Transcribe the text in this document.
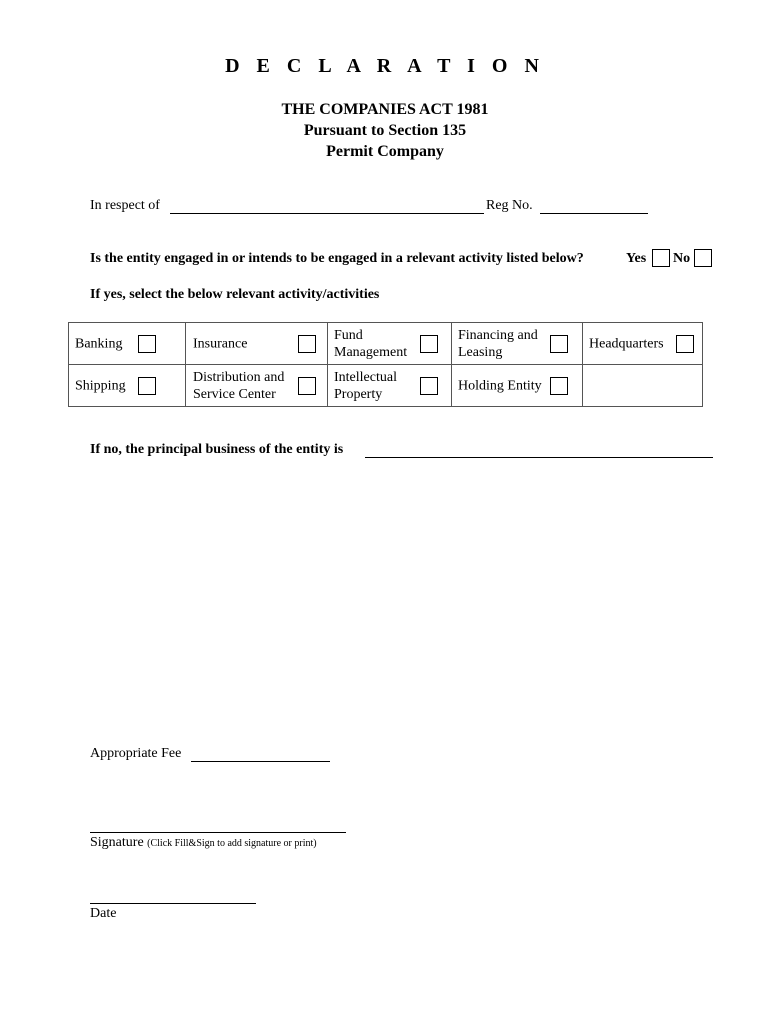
D E C L A R A T I O N
THE COMPANIES ACT 1981
Pursuant to Section 135
Permit Company
In respect of	Reg No.
Is the entity engaged in or intends to be engaged in a relevant activity listed below?	Yes No
If yes, select the below relevant activity/activities
Banking	Insurance	Fund Management	Financing and Leasing	Headquarters

Shipping	Distribution and Service Center	Intellectual Property	Holding Entity	

If no, the principal business of the entity is
Appropriate Fee
Signature (Click Fill&Sign to add signature or print)
Date
